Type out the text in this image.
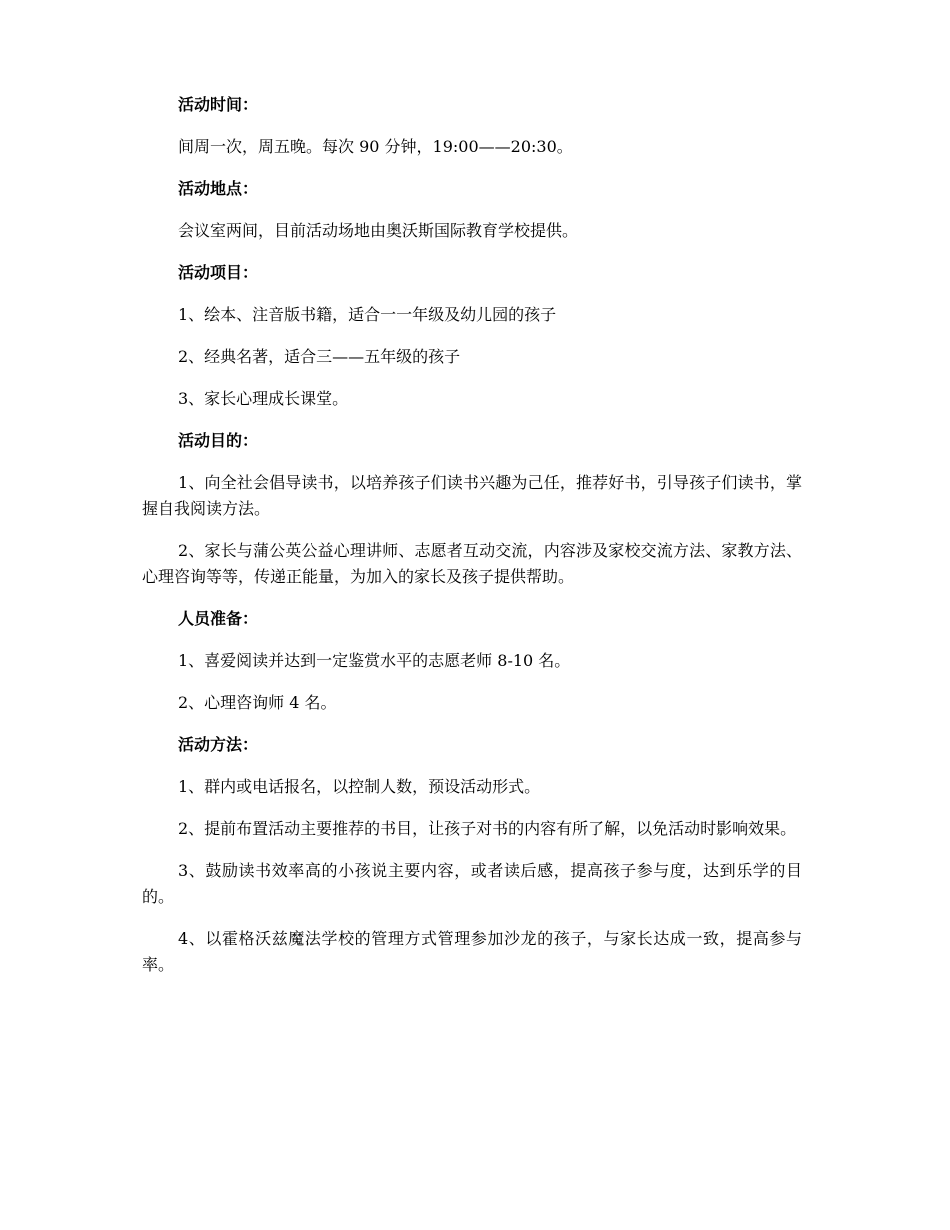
活动时间：

间周一次，周五晚。每次 90 分钟，19:00——20:30。

活动地点：

会议室两间，目前活动场地由奥沃斯国际教育学校提供。

活动项目：

1、绘本、注音版书籍，适合一一年级及幼儿园的孩子

2、经典名著，适合三——五年级的孩子

3、家长心理成长课堂。

活动目的：

1、向全社会倡导读书，以培养孩子们读书兴趣为己任，推荐好书，引导孩子们读书，掌握自我阅读方法。

2、家长与蒲公英公益心理讲师、志愿者互动交流，内容涉及家校交流方法、家教方法、心理咨询等等，传递正能量，为加入的家长及孩子提供帮助。

人员准备：

1、喜爱阅读并达到一定鉴赏水平的志愿老师 8-10 名。

2、心理咨询师 4 名。

活动方法：

1、群内或电话报名，以控制人数，预设活动形式。

2、提前布置活动主要推荐的书目，让孩子对书的内容有所了解，以免活动时影响效果。

3、鼓励读书效率高的小孩说主要内容，或者读后感，提高孩子参与度，达到乐学的目的。

4、以霍格沃兹魔法学校的管理方式管理参加沙龙的孩子，与家长达成一致，提高参与率。
